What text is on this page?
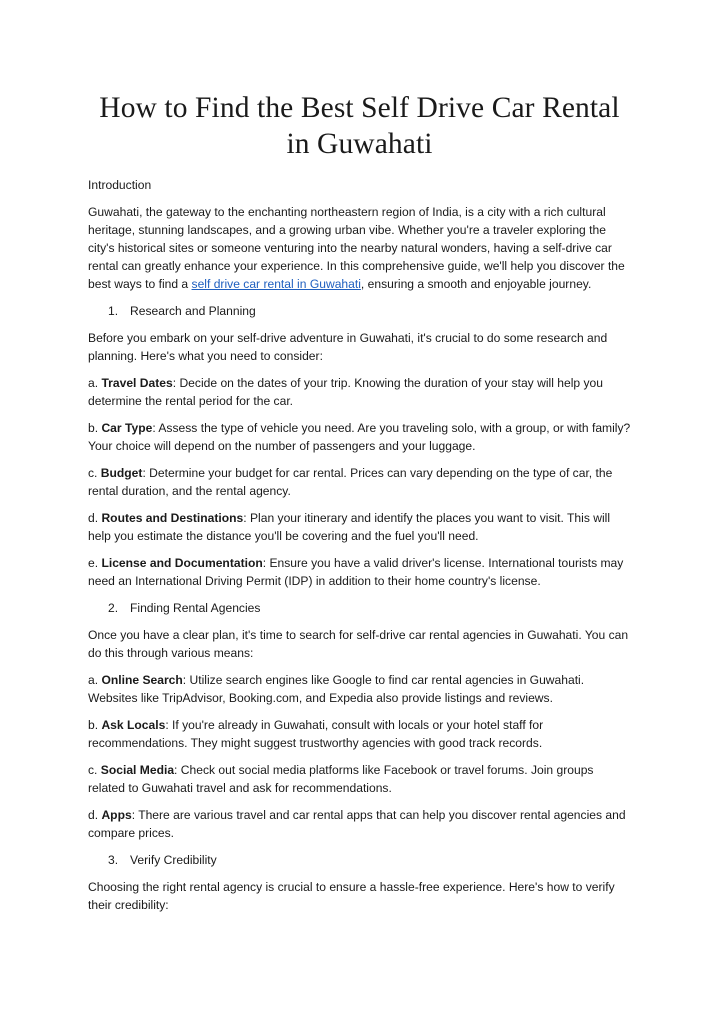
How to Find the Best Self Drive Car Rental in Guwahati

Introduction

Guwahati, the gateway to the enchanting northeastern region of India, is a city with a rich cultural heritage, stunning landscapes, and a growing urban vibe. Whether you're a traveler exploring the city's historical sites or someone venturing into the nearby natural wonders, having a self-drive car rental can greatly enhance your experience. In this comprehensive guide, we'll help you discover the best ways to find a self drive car rental in Guwahati, ensuring a smooth and enjoyable journey.

1. Research and Planning

Before you embark on your self-drive adventure in Guwahati, it's crucial to do some research and planning. Here's what you need to consider:

a. Travel Dates: Decide on the dates of your trip. Knowing the duration of your stay will help you determine the rental period for the car.

b. Car Type: Assess the type of vehicle you need. Are you traveling solo, with a group, or with family? Your choice will depend on the number of passengers and your luggage.

c. Budget: Determine your budget for car rental. Prices can vary depending on the type of car, the rental duration, and the rental agency.

d. Routes and Destinations: Plan your itinerary and identify the places you want to visit. This will help you estimate the distance you'll be covering and the fuel you'll need.

e. License and Documentation: Ensure you have a valid driver's license. International tourists may need an International Driving Permit (IDP) in addition to their home country's license.

2. Finding Rental Agencies

Once you have a clear plan, it's time to search for self-drive car rental agencies in Guwahati. You can do this through various means:

a. Online Search: Utilize search engines like Google to find car rental agencies in Guwahati. Websites like TripAdvisor, Booking.com, and Expedia also provide listings and reviews.

b. Ask Locals: If you're already in Guwahati, consult with locals or your hotel staff for recommendations. They might suggest trustworthy agencies with good track records.

c. Social Media: Check out social media platforms like Facebook or travel forums. Join groups related to Guwahati travel and ask for recommendations.

d. Apps: There are various travel and car rental apps that can help you discover rental agencies and compare prices.

3. Verify Credibility

Choosing the right rental agency is crucial to ensure a hassle-free experience. Here's how to verify their credibility:
